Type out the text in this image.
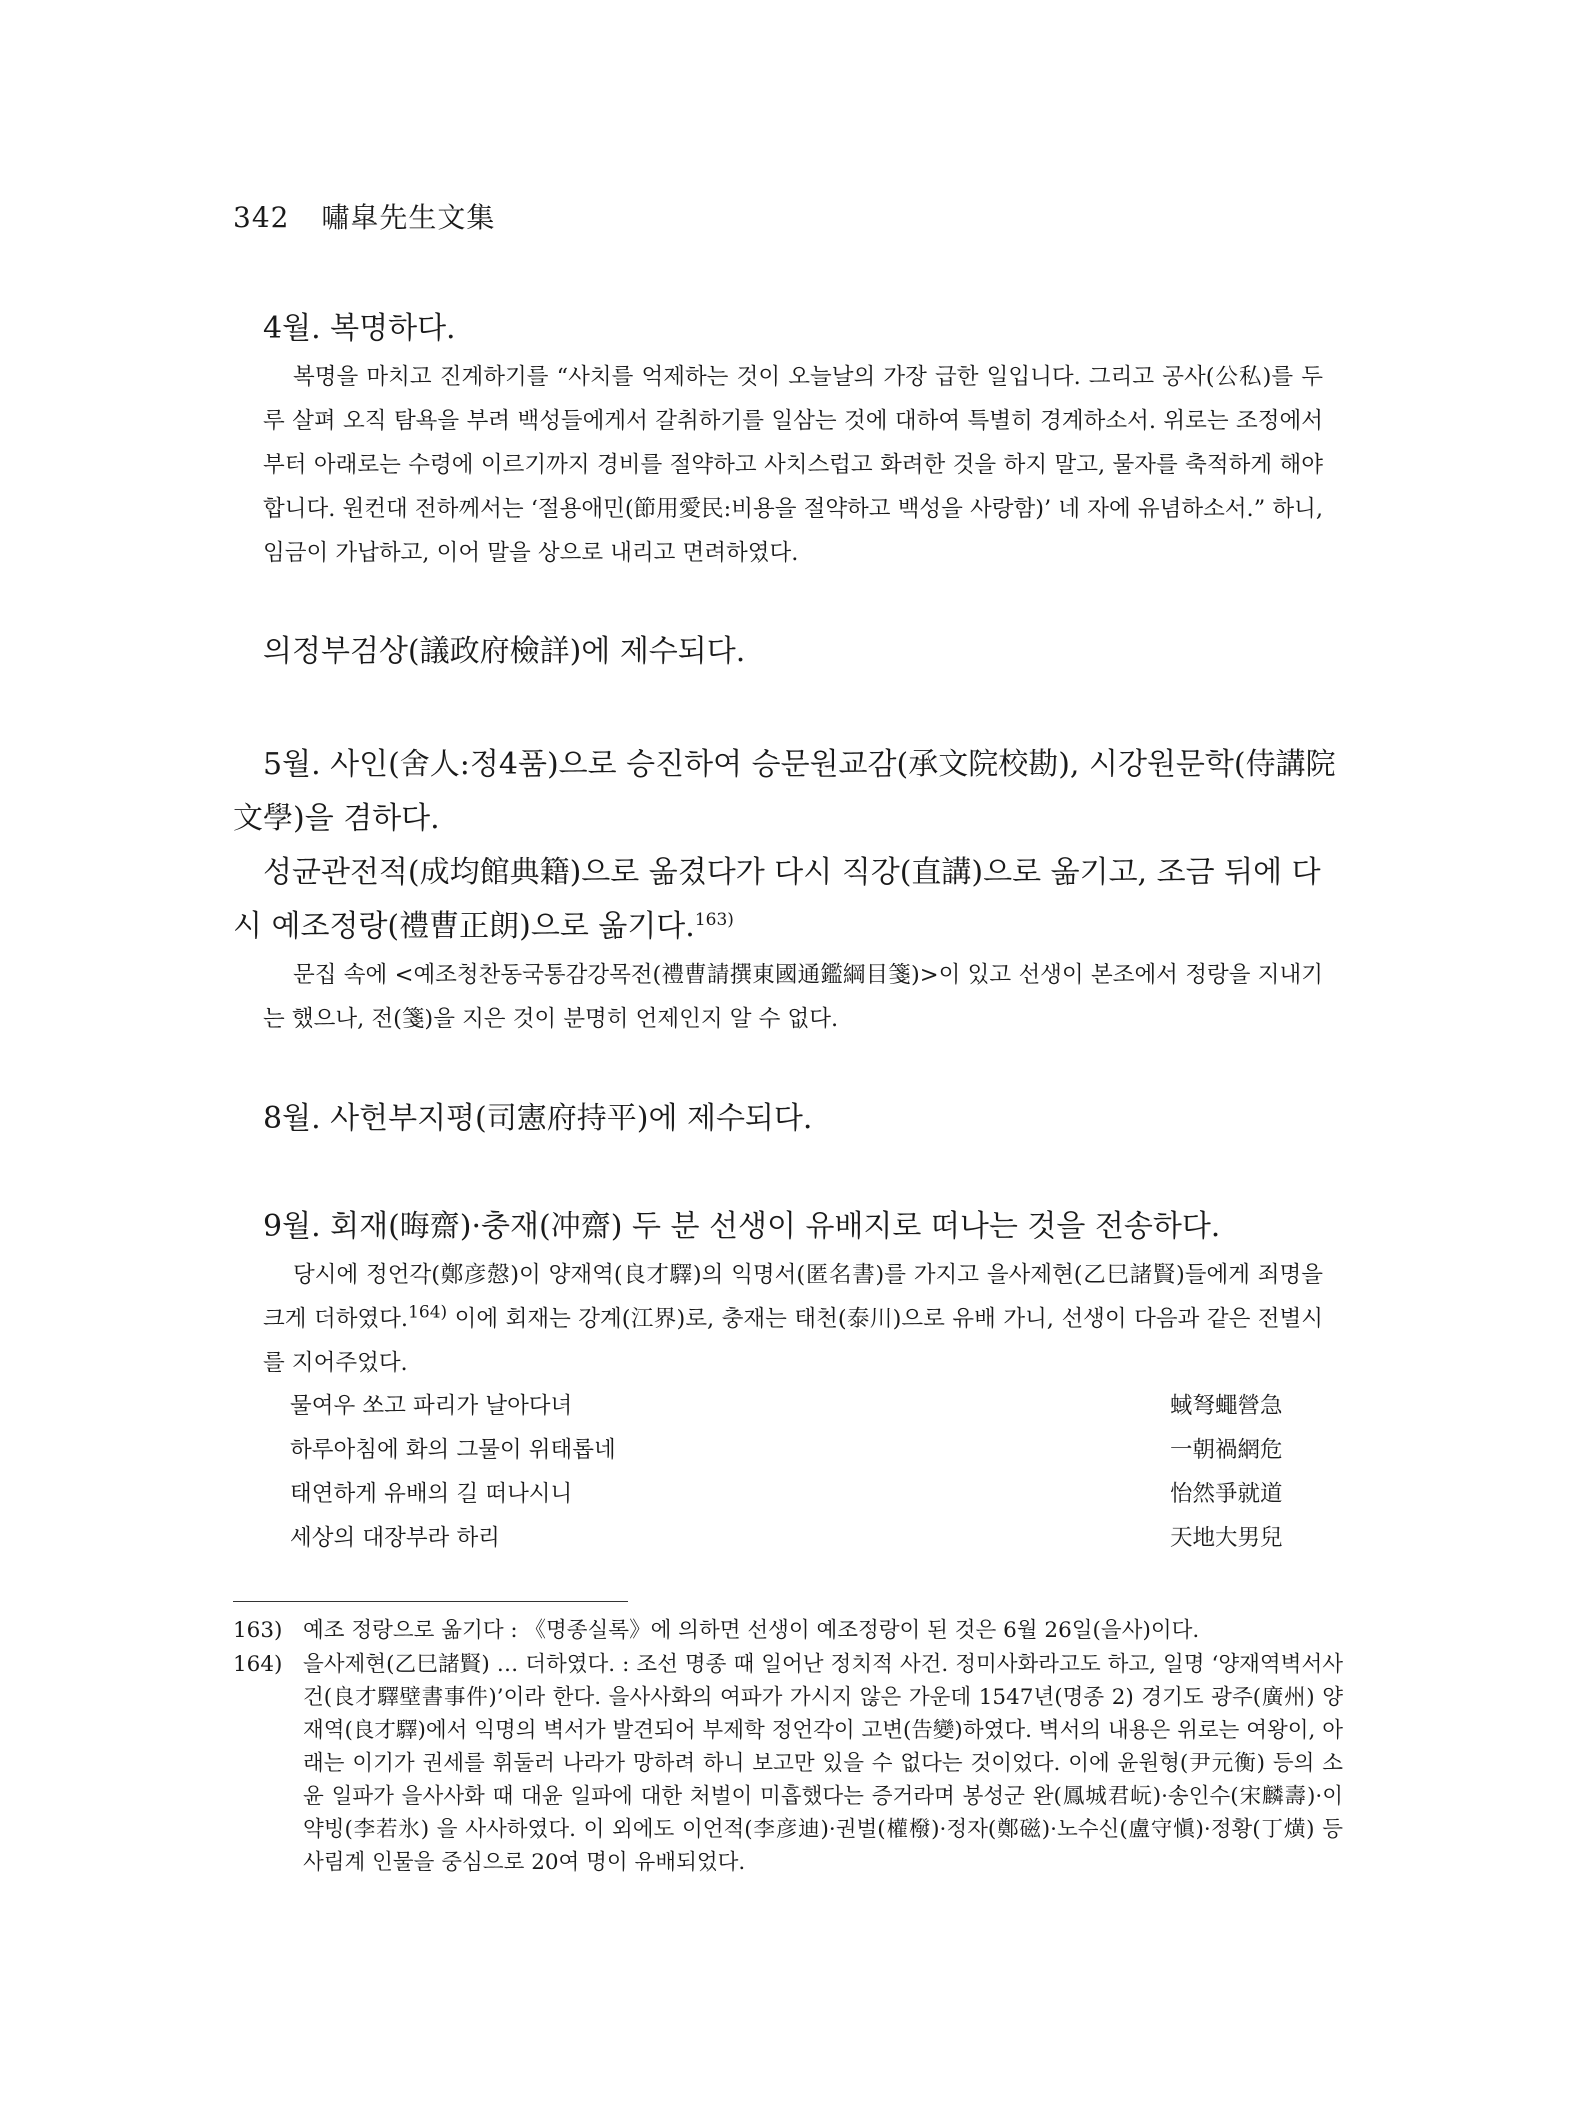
342 嘯皐先生文集
4월. 복명하다.
복명을 마치고 진계하기를 “사치를 억제하는 것이 오늘날의 가장 급한 일입니다. 그리고 공사(公私)를 두루 살펴 오직 탐욕을 부려 백성들에게서 갈취하기를 일삼는 것에 대하여 특별히 경계하소서. 위로는 조정에서부터 아래로는 수령에 이르기까지 경비를 절약하고 사치스럽고 화려한 것을 하지 말고, 물자를 축적하게 해야 합니다. 원컨대 전하께서는 ‘절용애민(節用愛民:비용을 절약하고 백성을 사랑함)’ 네 자에 유념하소서.” 하니, 임금이 가납하고, 이어 말을 상으로 내리고 면려하였다.
의정부검상(議政府檢詳)에 제수되다.
5월. 사인(舍人:정4품)으로 승진하여 승문원교감(承文院校勘), 시강원문학(侍講院文學)을 겸하다.
성균관전적(成均館典籍)으로 옮겼다가 다시 직강(直講)으로 옮기고, 조금 뒤에 다시 예조정랑(禮曹正朗)으로 옮기다.$^{163)}$
문집 속에 <예조청찬동국통감강목전(禮曹請撰東國通鑑綱目箋)>이 있고 선생이 본조에서 정랑을 지내기는 했으나, 전(箋)을 지은 것이 분명히 언제인지 알 수 없다.
8월. 사헌부지평(司憲府持平)에 제수되다.
9월. 회재(晦齋)·충재(冲齋) 두 분 선생이 유배지로 떠나는 것을 전송하다.
당시에 정언각(鄭彦慤)이 양재역(良才驛)의 익명서(匿名書)를 가지고 을사제현(乙巳諸賢)들에게 죄명을 크게 더하였다.$^{164)}$ 이에 회재는 강계(江界)로, 충재는 태천(泰川)으로 유배 가니, 선생이 다음과 같은 전별시를 지어주었다.
물여우 쏘고 파리가 날아다녀	蜮弩蠅營急
하루아침에 화의 그물이 위태롭네	一朝禍網危
태연하게 유배의 길 떠나시니	怡然爭就道
세상의 대장부라 하리	天地大男兒
163) 예조 정랑으로 옮기다 : 《명종실록》에 의하면 선생이 예조정랑이 된 것은 6월 26일(을사)이다.
164) 을사제현(乙巳諸賢) … 더하였다. : 조선 명종 때 일어난 정치적 사건. 정미사화라고도 하고, 일명 ‘양재역벽서사건(良才驛壁書事件)’이라 한다. 을사사화의 여파가 가시지 않은 가운데 1547년(명종 2) 경기도 광주(廣州) 양재역(良才驛)에서 익명의 벽서가 발견되어 부제학 정언각이 고변(告變)하였다. 벽서의 내용은 위로는 여왕이, 아래는 이기가 권세를 휘둘러 나라가 망하려 하니 보고만 있을 수 없다는 것이었다. 이에 윤원형(尹元衡) 등의 소윤 일파가 을사사화 때 대윤 일파에 대한 처벌이 미흡했다는 증거라며 봉성군 완(鳳城君岏)·송인수(宋麟壽)·이약빙(李若氷) 을 사사하였다. 이 외에도 이언적(李彦迪)·권벌(權橃)·정자(鄭磁)·노수신(盧守愼)·정황(丁熿) 등 사림계 인물을 중심으로 20여 명이 유배되었다.
